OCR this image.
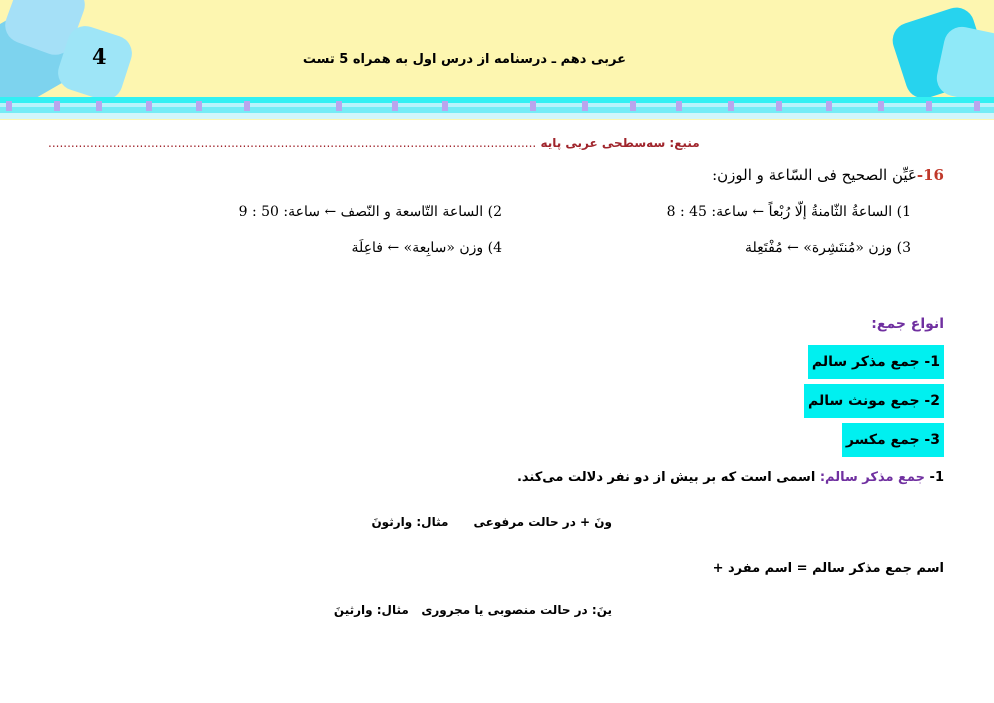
4	عربی دهم ـ درسنامه از درس اول به همراه 5 تست
منبع: سه‌سطحی عربی پایه ................................................................................................................................
16-عَیِّن الصحیح فی السّاعة و الوزن:
1) الساعةُ الثّامنةُ إلّا رُبْعاً ← ساعة: 45 : 8
2) الساعة التّاسعة و النّصف ← ساعة: 50 : 9
3) وزن «مُنتَشِرة» ← مُفْتَعِلة
4) وزن «سابِعة» ← فاعِلَة
انواع جمع:
1- جمع مذکر سالم
2- جمع مونث سالم
3- جمع مکسر
1- جمع مذکر سالم: اسمی است که بر بیش از دو نفر دلالت می‌کند.
ونَ + در حالت مرفوعی      مثال: وارثونَ
اسم جمع مذکر سالم = اسم مفرد +
ینَ: در حالت منصوبی یا مجروری   مثال: وارثینَ
